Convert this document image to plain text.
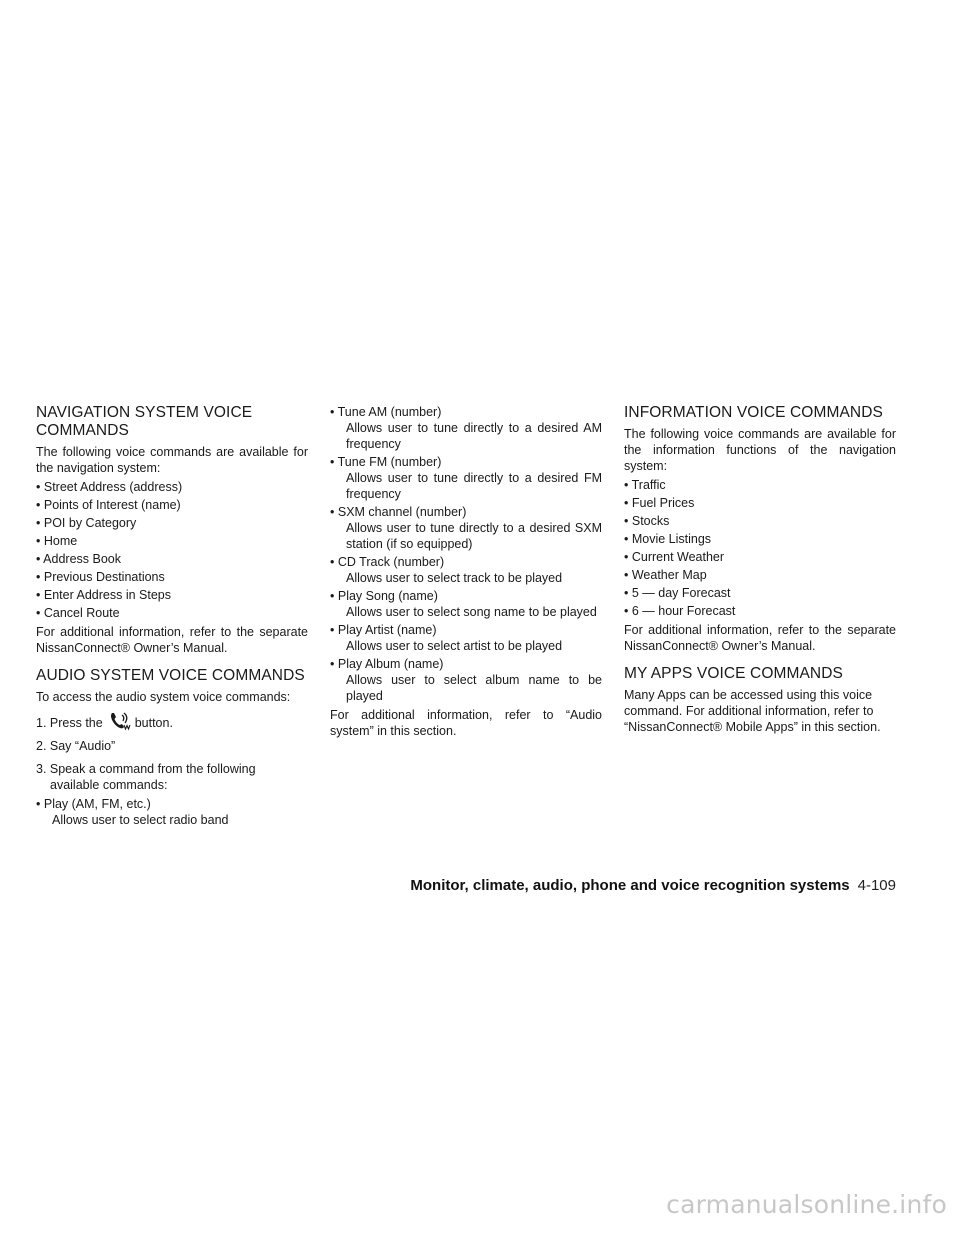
NAVIGATION SYSTEM VOICE COMMANDS

The following voice commands are available for the navigation system:

• Street Address (address)
• Points of Interest (name)
• POI by Category
• Home
• Address Book
• Previous Destinations
• Enter Address in Steps
• Cancel Route

For additional information, refer to the separate NissanConnect® Owner’s Manual.

AUDIO SYSTEM VOICE COMMANDS

To access the audio system voice commands:

1. Press the	button.
2. Say “Audio”
3. Speak a command from the following
available commands:
• Play (AM, FM, etc.)
Allows user to select radio band
• Tune AM (number)
Allows user to tune directly to a desired AM frequency
• Tune FM (number)
Allows user to tune directly to a desired FM frequency
• SXM channel (number)
Allows user to tune directly to a desired SXM station (if so equipped)
• CD Track (number)
Allows user to select track to be played
• Play Song (name)
Allows user to select song name to be played
• Play Artist (name)
Allows user to select artist to be played
• Play Album (name)
Allows user to select album name to be played

For additional information, refer to “Audio system” in this section.

INFORMATION VOICE COMMANDS

The following voice commands are available for the information functions of the navigation system:

• Traffic
• Fuel Prices
• Stocks
• Movie Listings
• Current Weather
• Weather Map
• 5 — day Forecast
• 6 — hour Forecast

For additional information, refer to the separate NissanConnect® Owner’s Manual.

MY APPS VOICE COMMANDS

Many Apps can be accessed using this voice command. For additional information, refer to “NissanConnect® Mobile Apps” in this section.

Monitor, climate, audio, phone and voice recognition systems 4-109
carmanualsonline.info
